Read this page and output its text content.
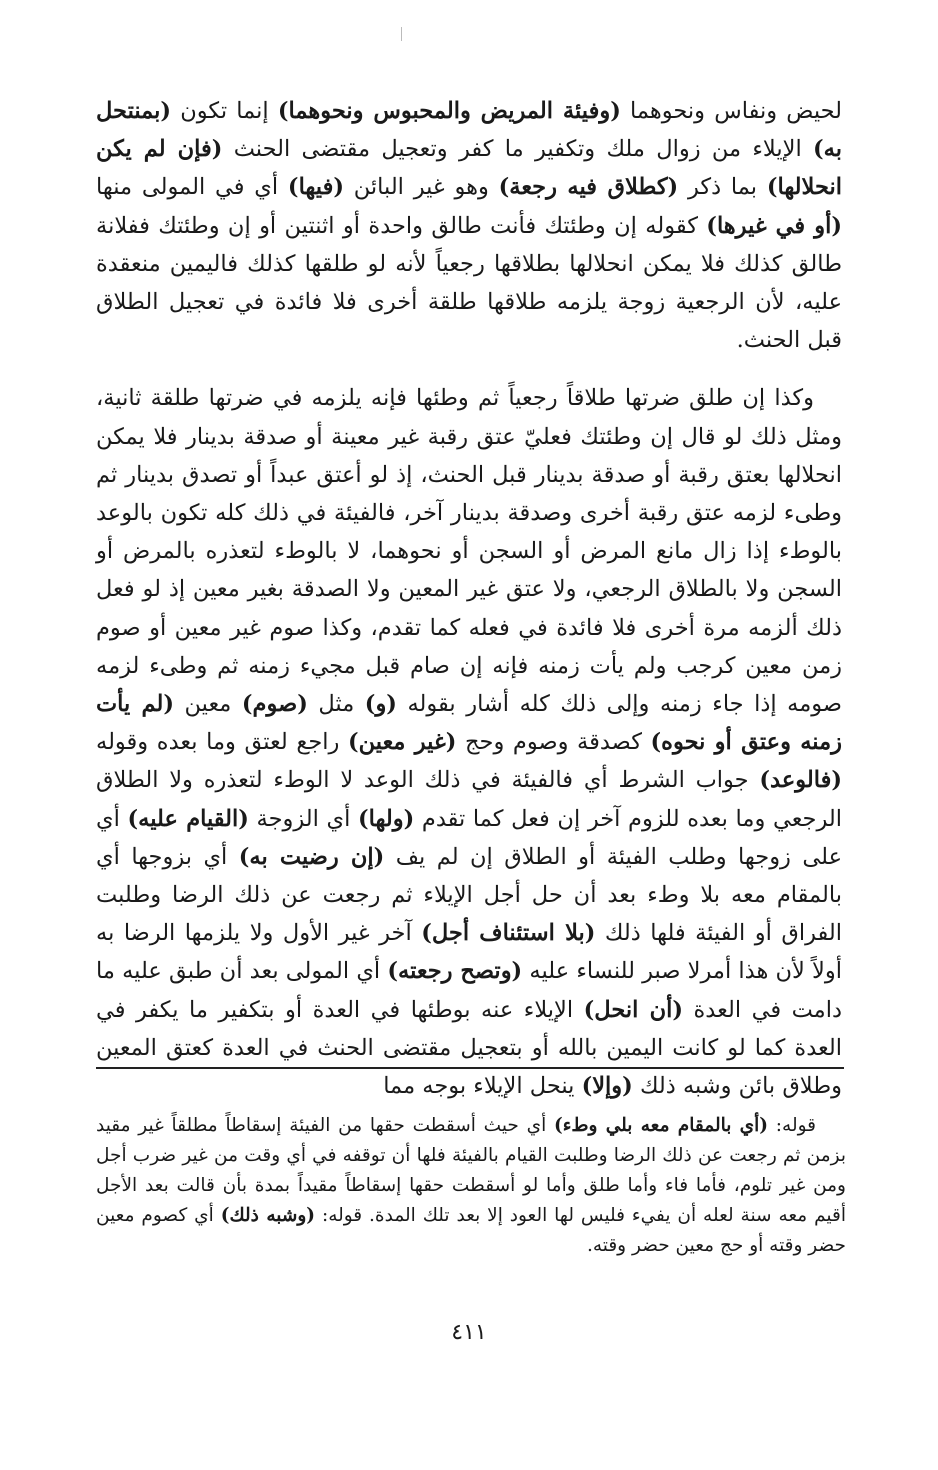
لحيض ونفاس ونحوهما (وفيئة المريض والمحبوس ونحوهما) إنما تكون (بمنتحل به) الإيلاء من زوال ملك وتكفير ما كفر وتعجيل مقتضى الحنث (فإن لم يكن انحلالها) بما ذكر (كطلاق فيه رجعة) وهو غير البائن (فيها) أي في المولى منها (أو في غيرها) كقوله إن وطئتك فأنت طالق واحدة أو اثنتين أو إن وطئتك ففلانة طالق كذلك فلا يمكن انحلالها بطلاقها رجعياً لأنه لو طلقها كذلك فاليمين منعقدة عليه، لأن الرجعية زوجة يلزمه طلاقها طلقة أخرى فلا فائدة في تعجيل الطلاق قبل الحنث.

وكذا إن طلق ضرتها طلاقاً رجعياً ثم وطئها فإنه يلزمه في ضرتها طلقة ثانية، ومثل ذلك لو قال إن وطئتك فعليّ عتق رقبة غير معينة أو صدقة بدينار فلا يمكن انحلالها بعتق رقبة أو صدقة بدينار قبل الحنث، إذ لو أعتق عبداً أو تصدق بدينار ثم وطىء لزمه عتق رقبة أخرى وصدقة بدينار آخر، فالفيئة في ذلك كله تكون بالوعد بالوطء إذا زال مانع المرض أو السجن أو نحوهما، لا بالوطء لتعذره بالمرض أو السجن ولا بالطلاق الرجعي، ولا عتق غير المعين ولا الصدقة بغير معين إذ لو فعل ذلك ألزمه مرة أخرى فلا فائدة في فعله كما تقدم، وكذا صوم غير معين أو صوم زمن معين كرجب ولم يأت زمنه فإنه إن صام قبل مجيء زمنه ثم وطىء لزمه صومه إذا جاء زمنه وإلى ذلك كله أشار بقوله (و) مثل (صوم) معين (لم يأت زمنه وعتق أو نحوه) كصدقة وصوم وحج (غير معين) راجع لعتق وما بعده وقوله (فالوعد) جواب الشرط أي فالفيئة في ذلك الوعد لا الوطء لتعذره ولا الطلاق الرجعي وما بعده للزوم آخر إن فعل كما تقدم (ولها) أي الزوجة (القيام عليه) أي على زوجها وطلب الفيئة أو الطلاق إن لم يف (إن رضيت به) أي بزوجها أي بالمقام معه بلا وطء بعد أن حل أجل الإيلاء ثم رجعت عن ذلك الرضا وطلبت الفراق أو الفيئة فلها ذلك (بلا استئناف أجل) آخر غير الأول ولا يلزمها الرضا به أولاً لأن هذا أمرلا صبر للنساء عليه (وتصح رجعته) أي المولى بعد أن طبق عليه ما دامت في العدة (أن انحل) الإيلاء عنه بوطئها في العدة أو بتكفير ما يكفر في العدة كما لو كانت اليمين بالله أو بتعجيل مقتضى الحنث في العدة كعتق المعين وطلاق بائن وشبه ذلك (وإلا) ينحل الإيلاء بوجه مما

قوله: (أي بالمقام معه بلي وطء) أي حيث أسقطت حقها من الفيئة إسقاطاً مطلقاً غير مقيد بزمن ثم رجعت عن ذلك الرضا وطلبت القيام بالفيئة فلها أن توقفه في أي وقت من غير ضرب أجل ومن غير تلوم، فأما فاء وأما طلق وأما لو أسقطت حقها إسقاطاً مقيداً بمدة بأن قالت بعد الأجل أقيم معه سنة لعله أن يفيء فليس لها العود إلا بعد تلك المدة. قوله: (وشبه ذلك) أي كصوم معين حضر وقته أو حج معين حضر وقته.

٤١١
